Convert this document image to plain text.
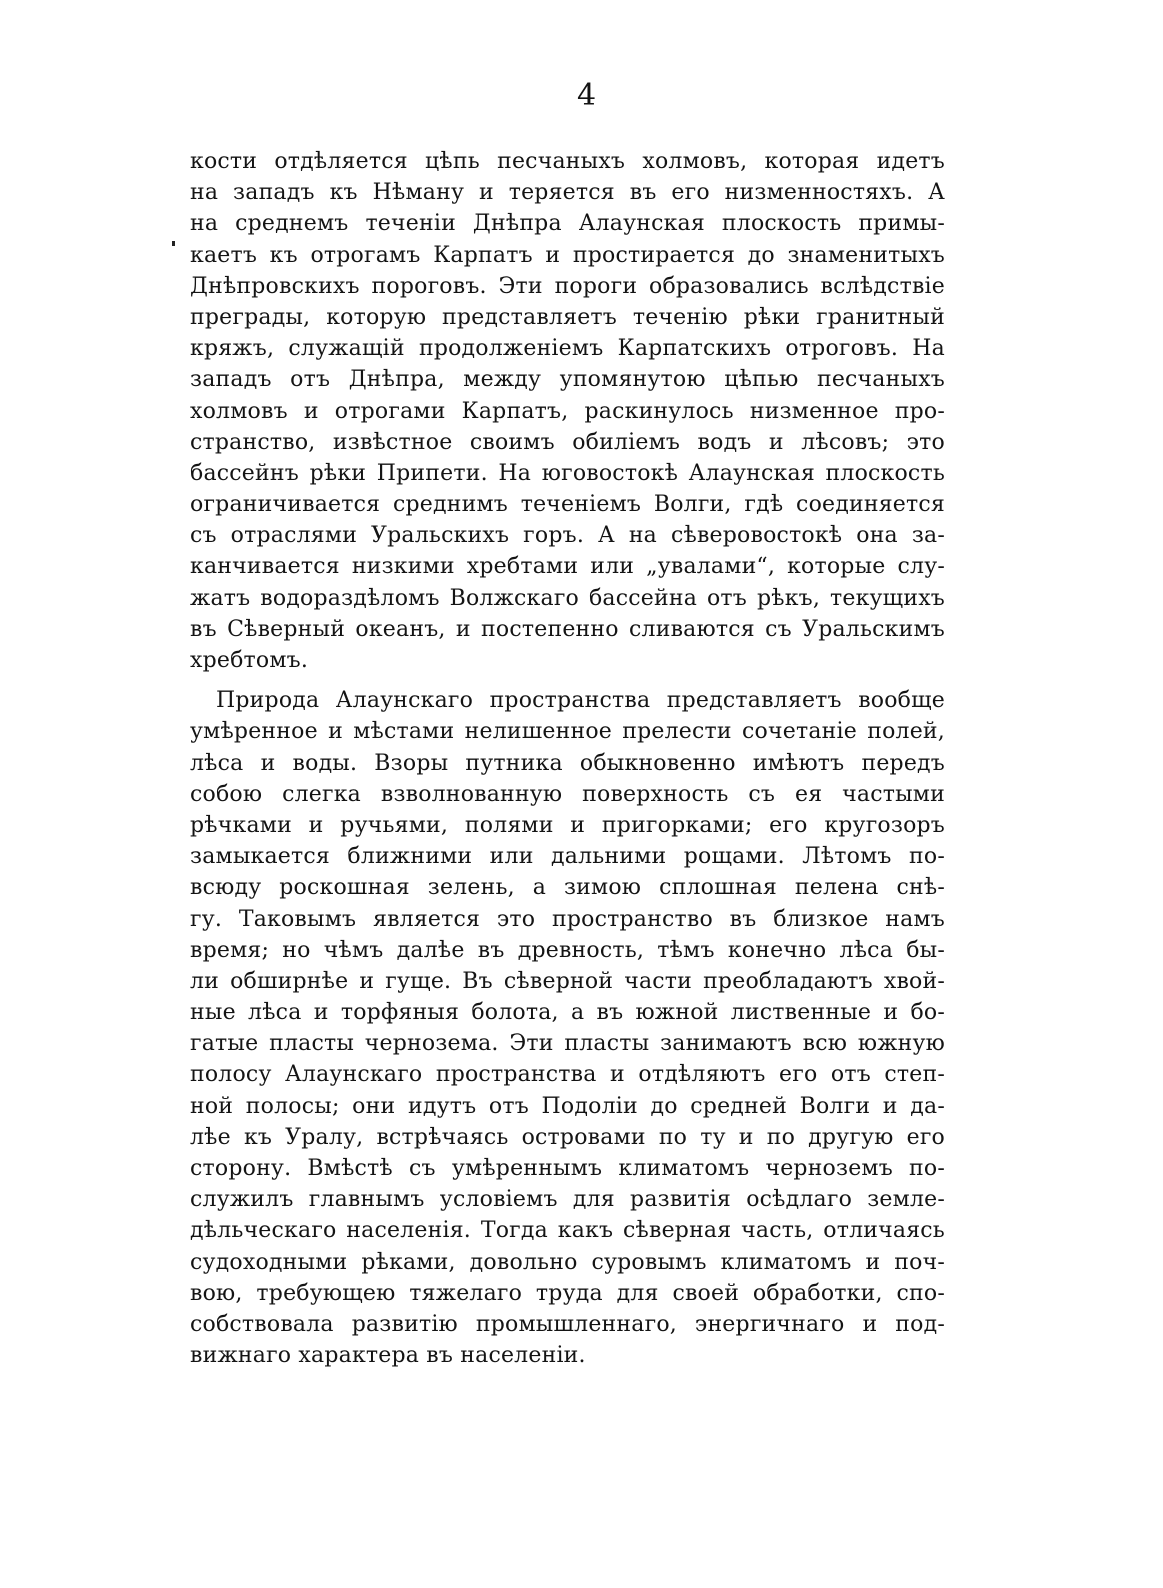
4
кости отдѣляется цѣпь песчаныхъ холмовъ, которая идетъ
на западъ къ Нѣману и теряется въ его низменностяхъ. А
на среднемъ теченіи Днѣпра Алаунская плоскость примы-
каетъ къ отрогамъ Карпатъ и простирается до знаменитыхъ
Днѣпровскихъ пороговъ. Эти пороги образовались вслѣдствіе
преграды, которую представляетъ теченію рѣки гранитный
кряжъ, служащій продолженіемъ Карпатскихъ отроговъ. На
западъ отъ Днѣпра, между упомянутою цѣпью песчаныхъ
холмовъ и отрогами Карпатъ, раскинулось низменное про-
странство, извѣстное своимъ обиліемъ водъ и лѣсовъ; это
бассейнъ рѣки Припети. На юговостокѣ Алаунская плоскость
ограничивается среднимъ теченіемъ Волги, гдѣ соединяется
съ отраслями Уральскихъ горъ. А на сѣверовостокѣ она за-
канчивается низкими хребтами или „увалами“, которые слу-
жатъ водораздѣломъ Волжскаго бассейна отъ рѣкъ, текущихъ
въ Сѣверный океанъ, и постепенно сливаются съ Уральскимъ
хребтомъ.
Природа Алаунскаго пространства представляетъ вообще
умѣренное и мѣстами нелишенное прелести сочетаніе полей,
лѣса и воды. Взоры путника обыкновенно имѣютъ передъ
собою слегка взволнованную поверхность съ ея частыми
рѣчками и ручьями, полями и пригорками; его кругозоръ
замыкается ближними или дальними рощами. Лѣтомъ по-
всюду роскошная зелень, а зимою сплошная пелена снѣ-
гу. Таковымъ является это пространство въ близкое намъ
время; но чѣмъ далѣе въ древность, тѣмъ конечно лѣса бы-
ли обширнѣе и гуще. Въ сѣверной части преобладаютъ хвой-
ные лѣса и торфяныя болота, а въ южной лиственные и бо-
гатые пласты чернозема. Эти пласты занимаютъ всю южную
полосу Алаунскаго пространства и отдѣляютъ его отъ степ-
ной полосы; они идутъ отъ Подоліи до средней Волги и да-
лѣе къ Уралу, встрѣчаясь островами по ту и по другую его
сторону. Вмѣстѣ съ умѣреннымъ климатомъ черноземъ по-
служилъ главнымъ условіемъ для развитія осѣдлаго земле-
дѣльческаго населенія. Тогда какъ сѣверная часть, отличаясь
судоходными рѣками, довольно суровымъ климатомъ и поч-
вою, требующею тяжелаго труда для своей обработки, спо-
собствовала развитію промышленнаго, энергичнаго и под-
вижнаго характера въ населеніи.
